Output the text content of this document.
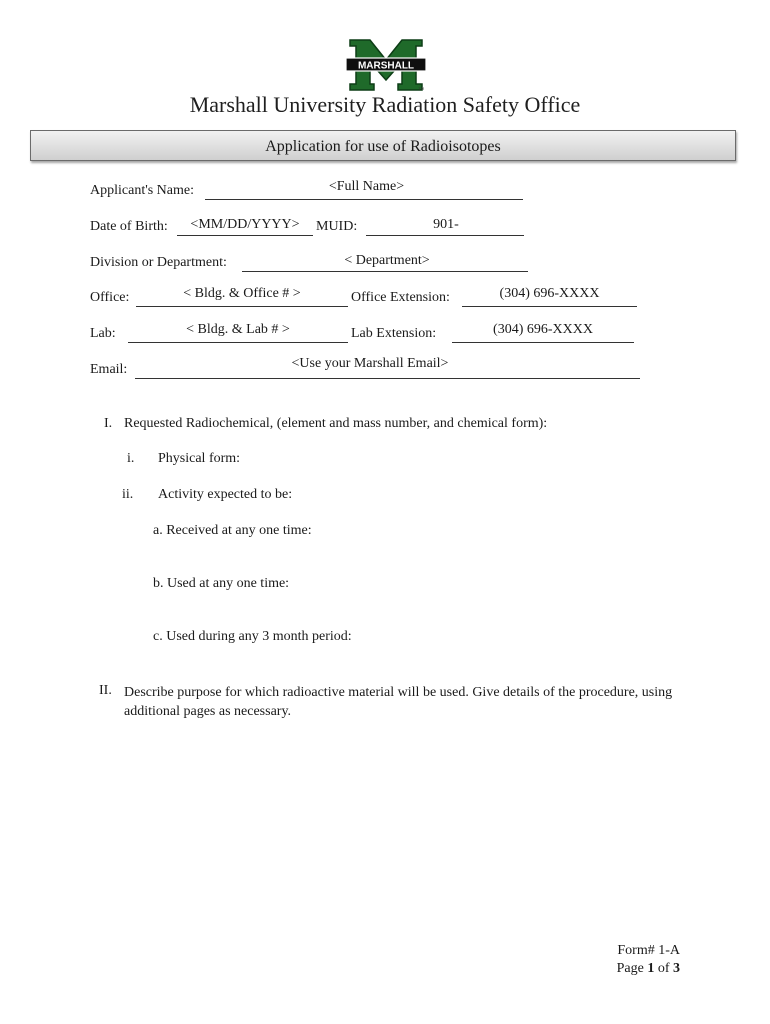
MARSHALL
TM
Marshall University Radiation Safety Office
Application for use of Radioisotopes
Applicant's Name:	<Full Name>
Date of Birth:	<MM/DD/YYYY>	MUID:	901-
Division or Department:	< Department>
Office:	< Bldg. & Office # >	Office Extension:	(304) 696-XXXX
Lab:	< Bldg. & Lab # >	Lab Extension:	(304) 696-XXXX
Email:	<Use your Marshall Email>
I. Requested Radiochemical, (element and mass number, and chemical form):
i. Physical form:
ii. Activity expected to be:
a. Received at any one time:
b. Used at any one time:
c. Used during any 3 month period:
II. Describe purpose for which radioactive material will be used. Give details of the procedure, using additional pages as necessary.
Form# 1-A
Page 1 of 3
